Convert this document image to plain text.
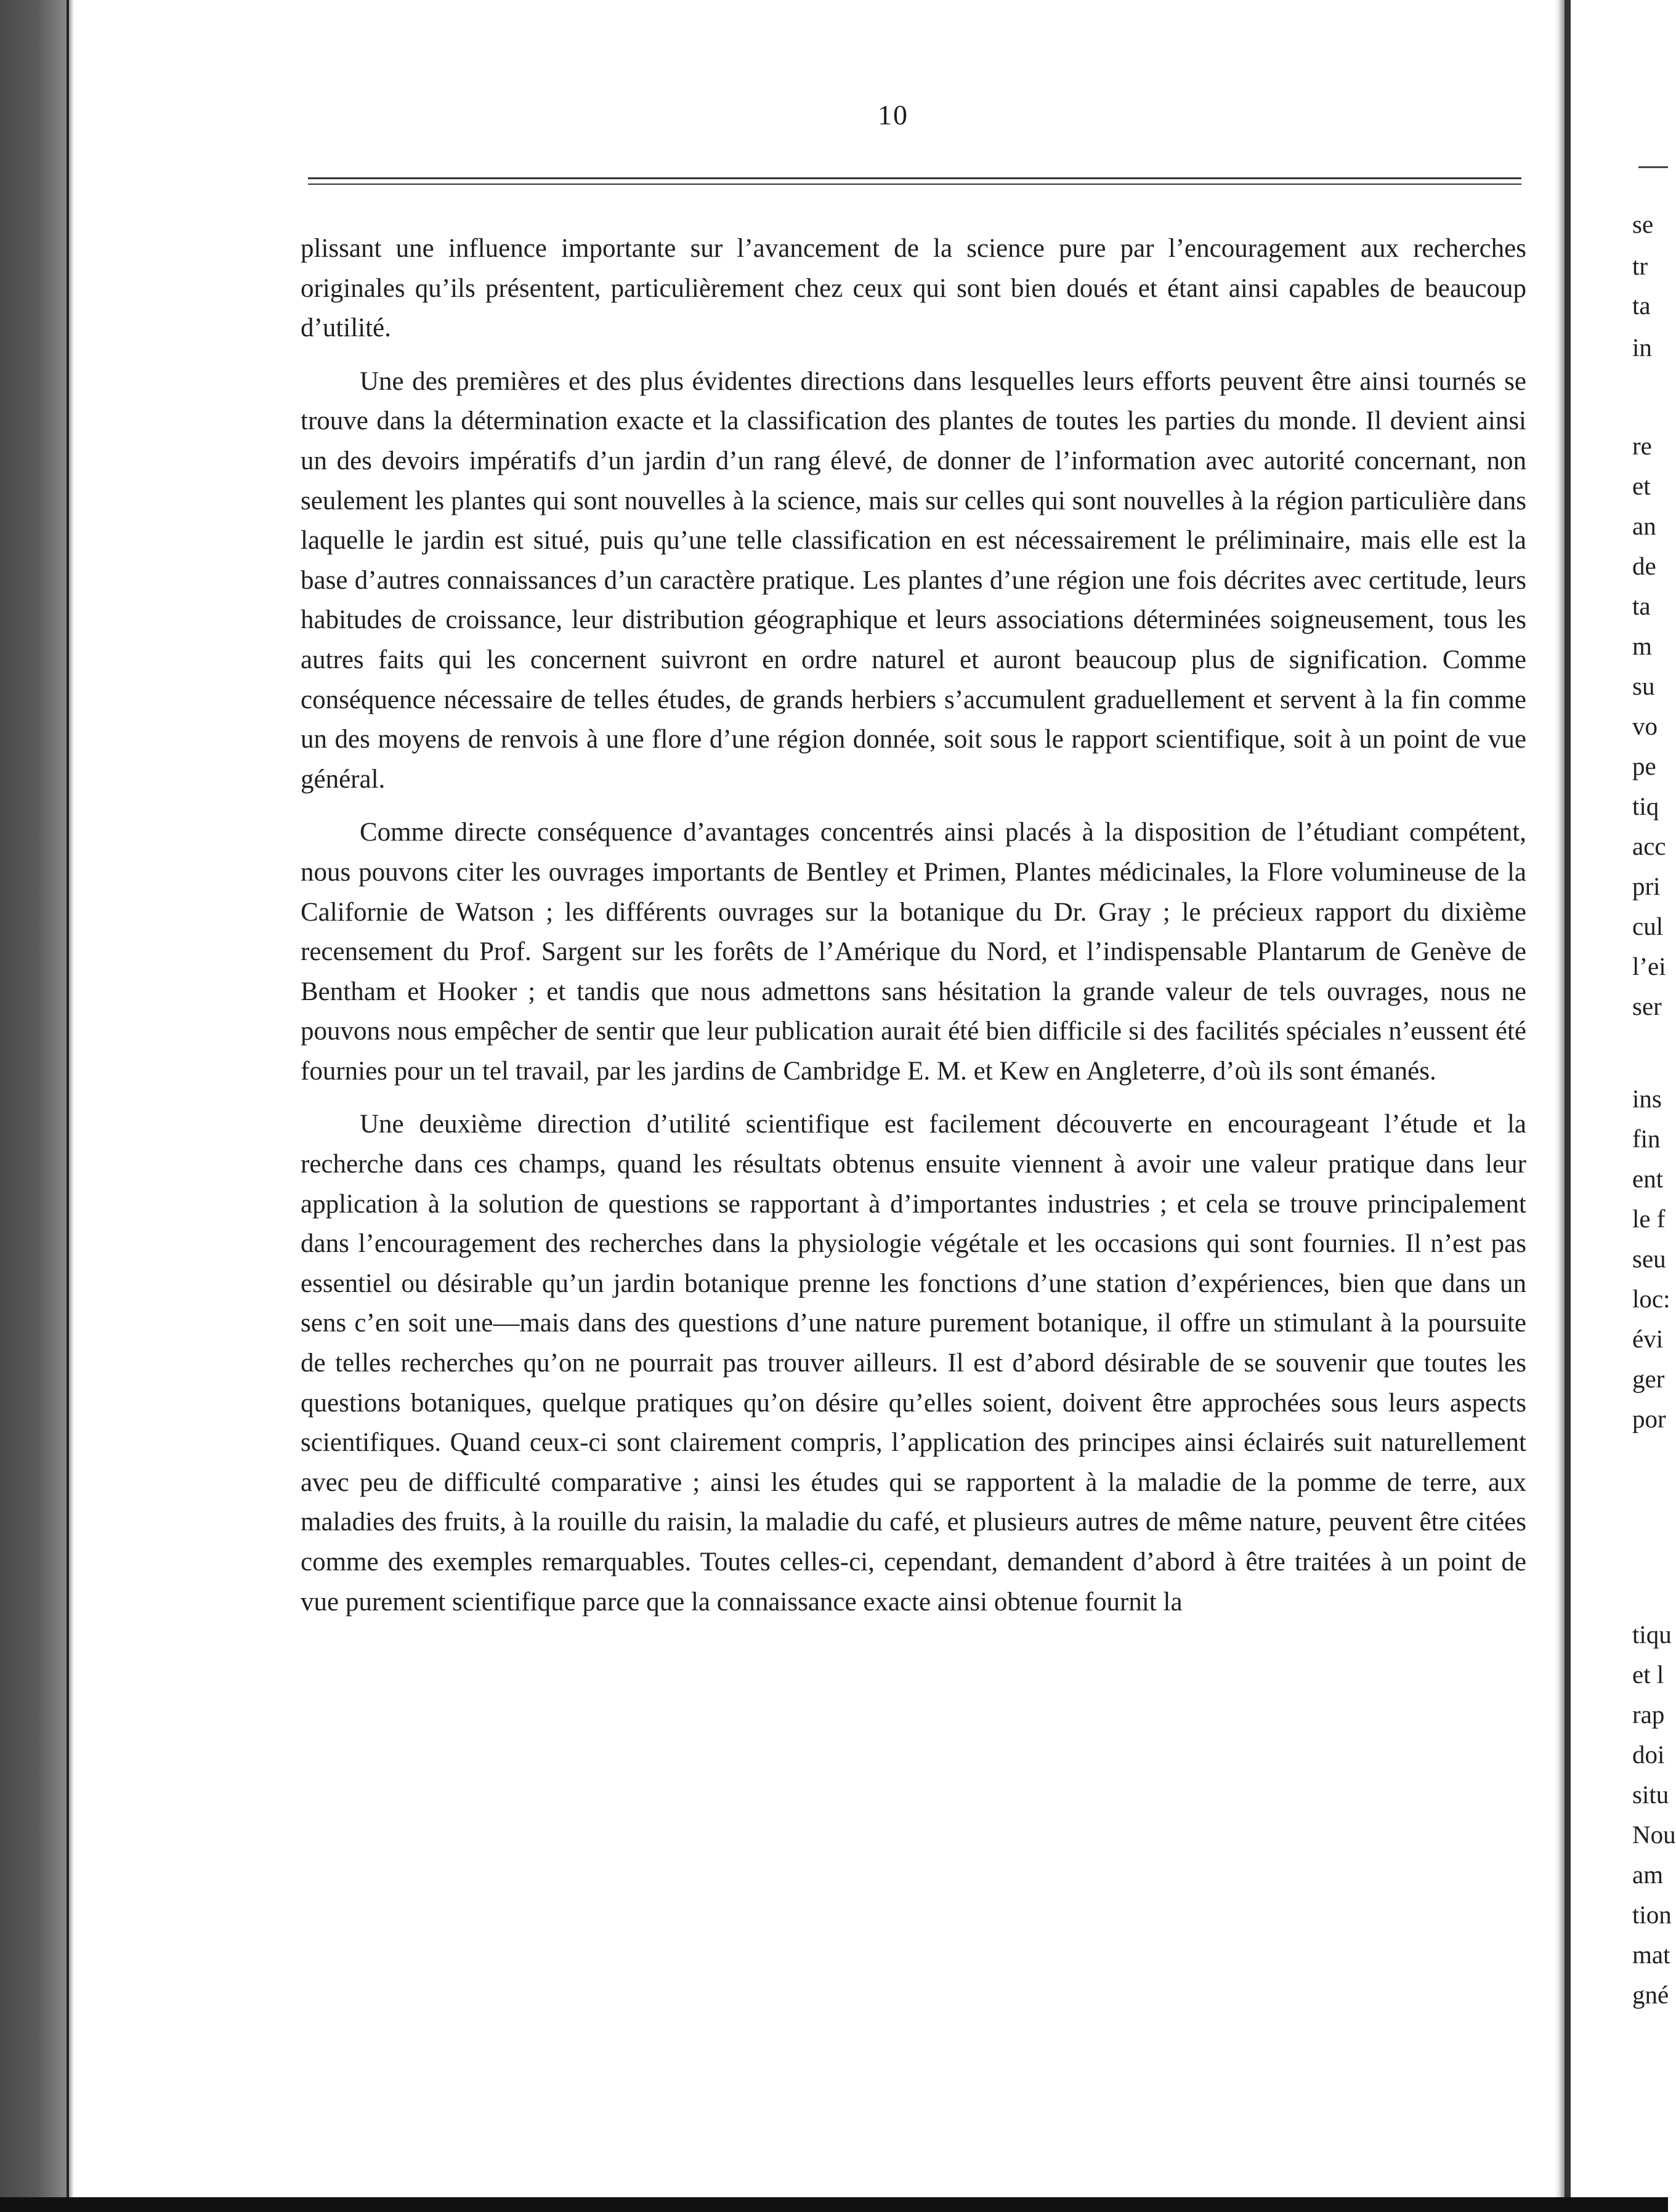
10

plissant une influence importante sur l’avancement de la science pure par l’encouragement aux recherches originales qu’ils présentent, particulièrement chez ceux qui sont bien doués et étant ainsi capables de beaucoup d’utilité.

Une des premières et des plus évidentes directions dans lesquelles leurs efforts peuvent être ainsi tournés se trouve dans la détermination exacte et la classification des plantes de toutes les parties du monde. Il devient ainsi un des devoirs impératifs d’un jardin d’un rang élevé, de donner de l’information avec autorité concernant, non seulement les plantes qui sont nouvelles à la science, mais sur celles qui sont nouvelles à la région particulière dans laquelle le jardin est situé, puis qu’une telle classification en est nécessairement le préliminaire, mais elle est la base d’autres connaissances d’un caractère pratique. Les plantes d’une région une fois décrites avec certitude, leurs habitudes de croissance, leur distribution géographique et leurs associations déterminées soigneusement, tous les autres faits qui les concernent suivront en ordre naturel et auront beaucoup plus de signification. Comme conséquence nécessaire de telles études, de grands herbiers s’accumulent graduellement et servent à la fin comme un des moyens de renvois à une flore d’une région donnée, soit sous le rapport scientifique, soit à un point de vue général.

Comme directe conséquence d’avantages concentrés ainsi placés à la disposition de l’étudiant compétent, nous pouvons citer les ouvrages importants de Bentley et Primen, Plantes médicinales, la Flore volumineuse de la Californie de Watson ; les différents ouvrages sur la botanique du Dr. Gray ; le précieux rapport du dixième recensement du Prof. Sargent sur les forêts de l’Amérique du Nord, et l’indispensable Plantarum de Genève de Bentham et Hooker ; et tandis que nous admettons sans hésitation la grande valeur de tels ouvrages, nous ne pouvons nous empêcher de sentir que leur publication aurait été bien difficile si des facilités spéciales n’eussent été fournies pour un tel travail, par les jardins de Cambridge E. M. et Kew en Angleterre, d’où ils sont émanés.

Une deuxième direction d’utilité scientifique est facilement découverte en encourageant l’étude et la recherche dans ces champs, quand les résultats obtenus ensuite viennent à avoir une valeur pratique dans leur application à la solution de questions se rapportant à d’importantes industries ; et cela se trouve principalement dans l’encouragement des recherches dans la physiologie végétale et les occasions qui sont fournies. Il n’est pas essentiel ou désirable qu’un jardin botanique prenne les fonctions d’une station d’expériences, bien que dans un sens c’en soit une—mais dans des questions d’une nature purement botanique, il offre un stimulant à la poursuite de telles recherches qu’on ne pourrait pas trouver ailleurs. Il est d’abord désirable de se souvenir que toutes les questions botaniques, quelque pratiques qu’on désire qu’elles soient, doivent être approchées sous leurs aspects scientifiques. Quand ceux-ci sont clairement compris, l’application des principes ainsi éclairés suit naturellement avec peu de difficulté comparative ; ainsi les études qui se rapportent à la maladie de la pomme de terre, aux maladies des fruits, à la rouille du raisin, la maladie du café, et plusieurs autres de même nature, peuvent être citées comme des exemples remarquables. Toutes celles-ci, cependant, demandent d’abord à être traitées à un point de vue purement scientifique parce que la connaissance exacte ainsi obtenue fournit la

se
tr
ta
in
re
et
an
de
ta
m
su
vo
pe
tiq
acc
pri
cul
l’ei
ser
ins
fin
ent
le f
seu
loc:
évi
ger
por
tiqu
et l
rap
doi
situ
Nou
am
tion
mat
gné
